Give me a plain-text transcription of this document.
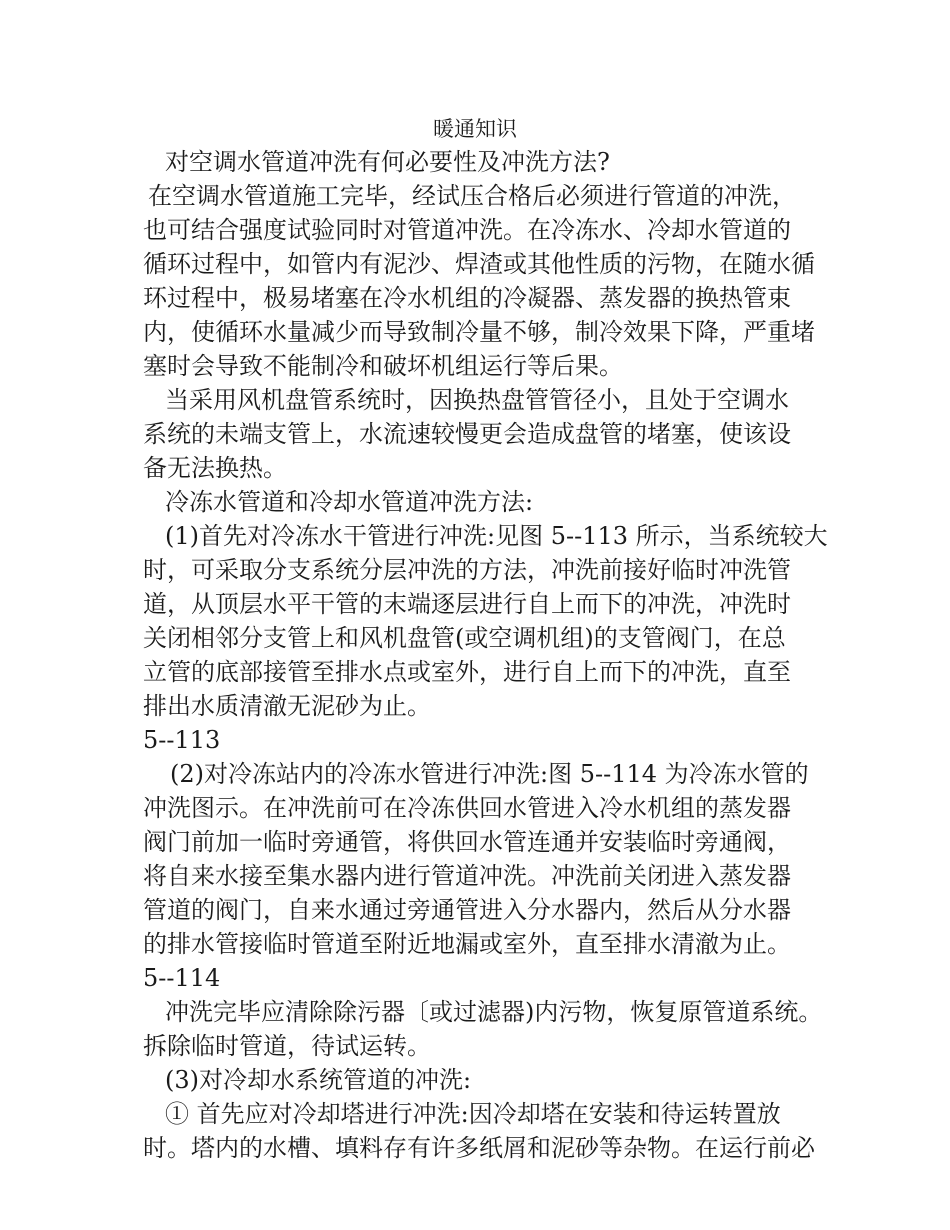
暖通知识
对空调水管道冲洗有何必要性及冲洗方法?
在空调水管道施工完毕，经试压合格后必须进行管道的冲洗，
也可结合强度试验同时对管道冲洗。在冷冻水、冷却水管道的
循环过程中，如管内有泥沙、焊渣或其他性质的污物，在随水循
环过程中，极易堵塞在冷水机组的冷凝器、蒸发器的换热管束
内，使循环水量减少而导致制冷量不够，制冷效果下降，严重堵
塞时会导致不能制冷和破坏机组运行等后果。
当采用风机盘管系统时，因换热盘管管径小，且处于空调水
系统的未端支管上，水流速较慢更会造成盘管的堵塞，使该设
备无法换热。
冷冻水管道和冷却水管道冲洗方法:
(1)首先对冷冻水干管进行冲洗:见图 5--113 所示，当系统较大
时，可采取分支系统分层冲洗的方法，冲洗前接好临时冲洗管
道，从顶层水平干管的末端逐层进行自上而下的冲洗，冲洗时
关闭相邻分支管上和风机盘管(或空调机组)的支管阀门，在总
立管的底部接管至排水点或室外，进行自上而下的冲洗，直至
排出水质清澈无泥砂为止。
5--113
(2)对冷冻站内的冷冻水管进行冲洗:图 5--114 为冷冻水管的
冲洗图示。在冲洗前可在冷冻供回水管进入冷水机组的蒸发器
阀门前加一临时旁通管，将供回水管连通并安装临时旁通阀，
将自来水接至集水器内进行管道冲洗。冲洗前关闭进入蒸发器
管道的阀门，自来水通过旁通管进入分水器内，然后从分水器
的排水管接临时管道至附近地漏或室外，直至排水清澈为止。
5--114
冲洗完毕应清除除污器〔或过滤器)内污物，恢复原管道系统。
拆除临时管道，待试运转。
(3)对冷却水系统管道的冲洗:
① 首先应对冷却塔进行冲洗:因冷却塔在安装和待运转置放
时。塔内的水槽、填料存有许多纸屑和泥砂等杂物。在运行前必
